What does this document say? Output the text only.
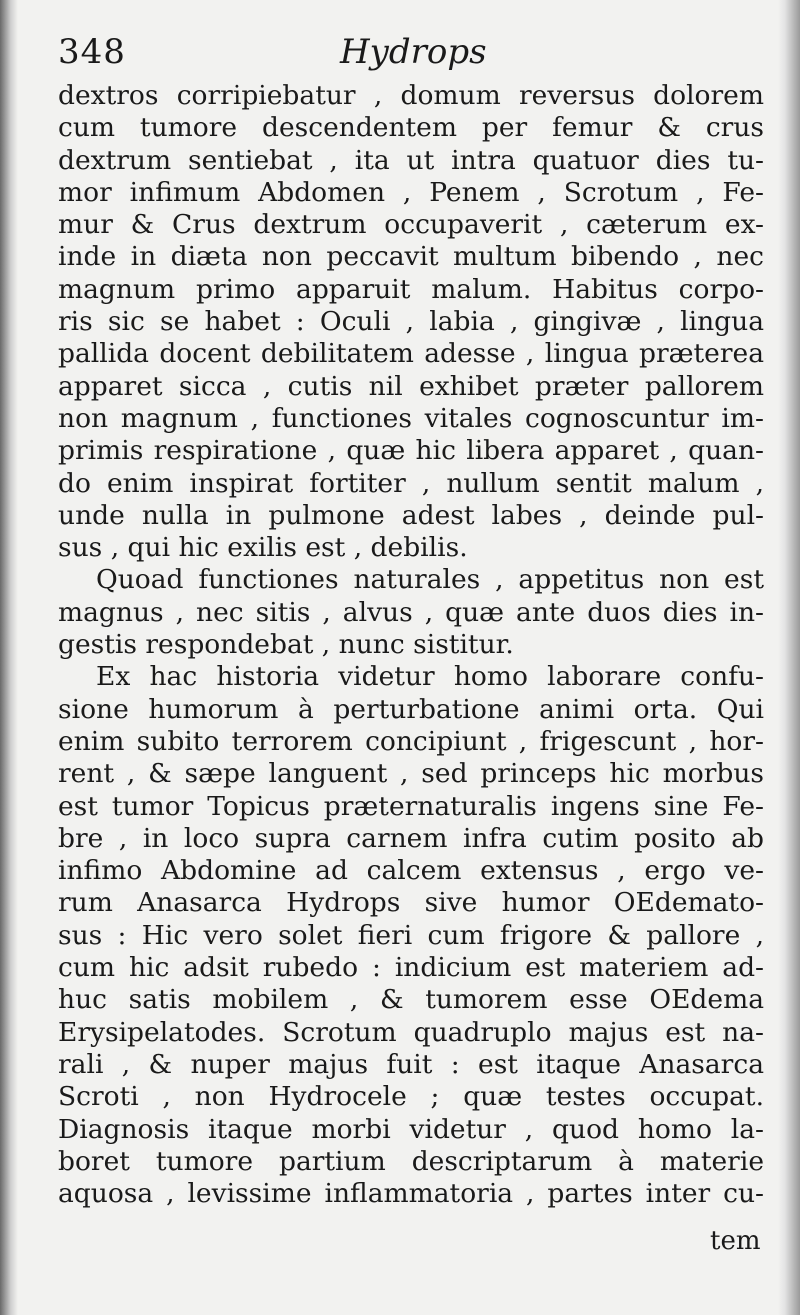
348	Hydrops
dextros corripiebatur , domum reversus dolorem
cum tumore descendentem per femur & crus
dextrum sentiebat , ita ut intra quatuor dies tu-
mor infimum Abdomen , Penem , Scrotum , Fe-
mur & Crus dextrum occupaverit , cæterum ex-
inde in diæta non peccavit multum bibendo , nec
magnum primo apparuit malum. Habitus corpo-
ris sic se habet : Oculi , labia , gingivæ , lingua
pallida docent debilitatem adesse , lingua præterea
apparet sicca , cutis nil exhibet præter pallorem
non magnum , functiones vitales cognoscuntur im-
primis respiratione , quæ hic libera apparet , quan-
do enim inspirat fortiter , nullum sentit malum ,
unde nulla in pulmone adest labes , deinde pul-
sus , qui hic exilis est , debilis.
Quoad functiones naturales , appetitus non est
magnus , nec sitis , alvus , quæ ante duos dies in-
gestis respondebat , nunc sistitur.
Ex hac historia videtur homo laborare confu-
sione humorum à perturbatione animi orta. Qui
enim subito terrorem concipiunt , frigescunt , hor-
rent , & sæpe languent , sed princeps hic morbus
est tumor Topicus præternaturalis ingens sine Fe-
bre , in loco supra carnem infra cutim posito ab
infimo Abdomine ad calcem extensus , ergo ve-
rum Anasarca Hydrops sive humor OEdemato-
sus : Hic vero solet fieri cum frigore & pallore ,
cum hic adsit rubedo : indicium est materiem ad-
huc satis mobilem , & tumorem esse OEdema
Erysipelatodes. Scrotum quadruplo majus est na-
rali , & nuper majus fuit : est itaque Anasarca
Scroti , non Hydrocele ; quæ testes occupat.
Diagnosis itaque morbi videtur , quod homo la-
boret tumore partium descriptarum à materie
aquosa , levissime inflammatoria , partes inter cu-
tem
